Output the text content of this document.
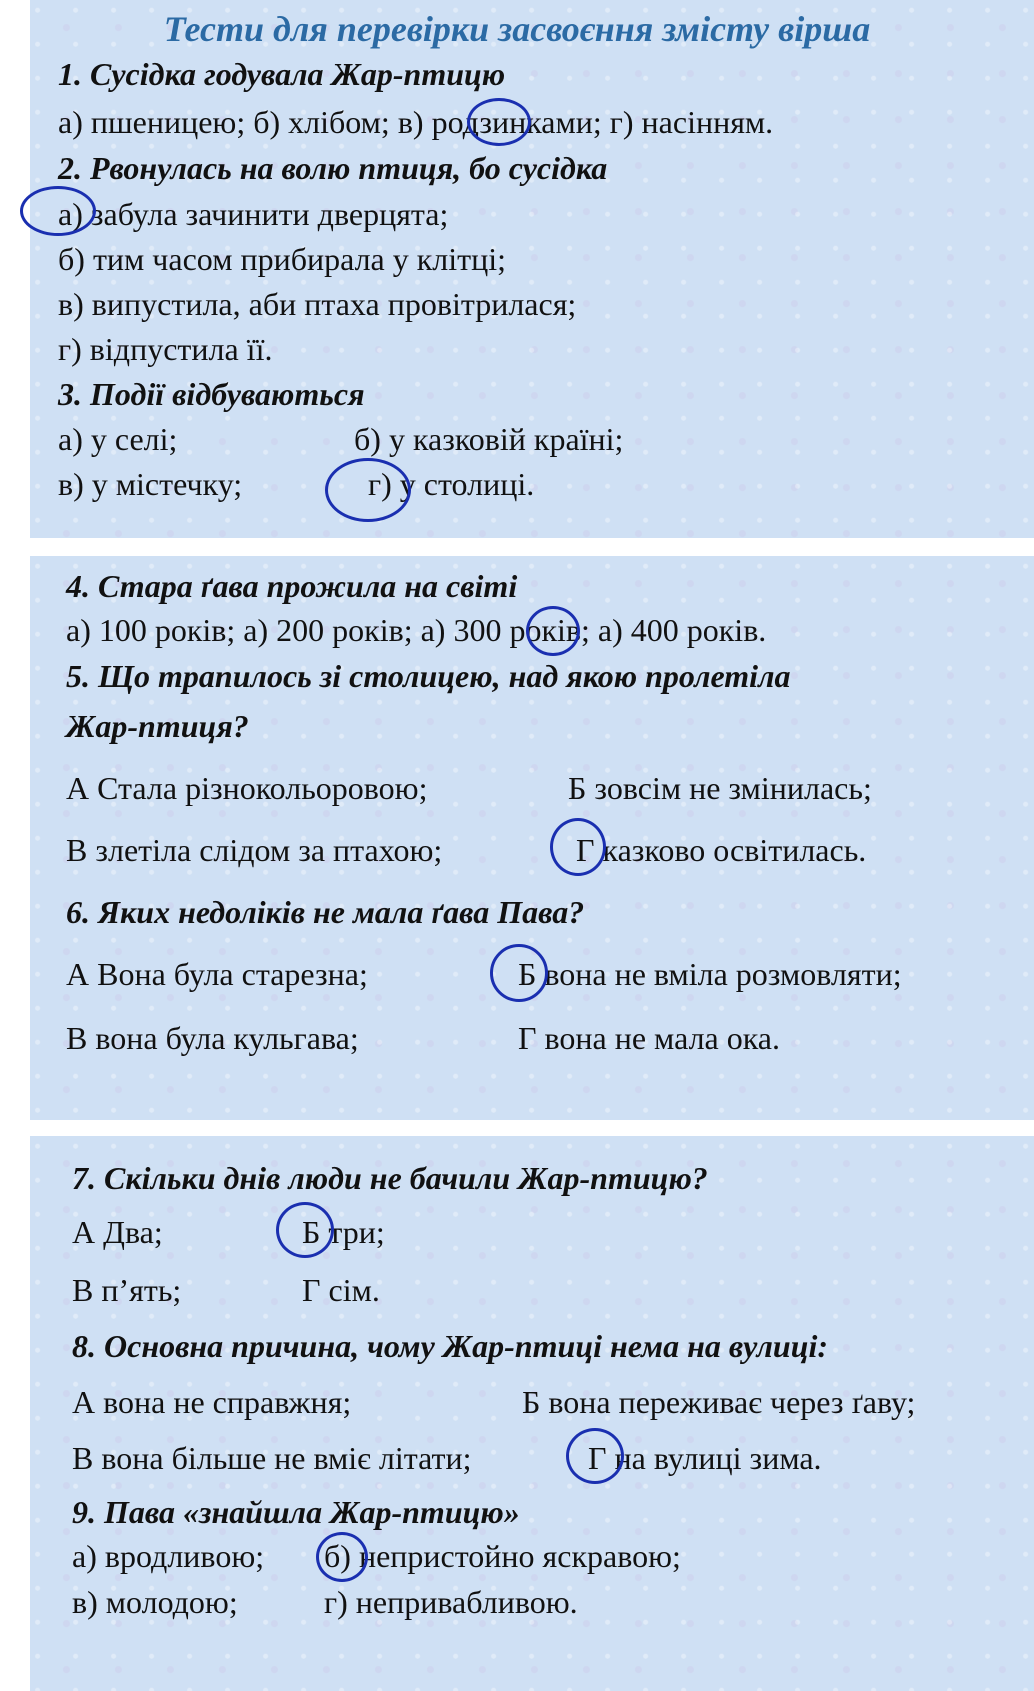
Тести для перевірки засвоєння змісту вірша
1. Сусідка годувала Жар-птицю
а) пшеницею; б) хлібом; в) родзинками; г) насінням.
2. Рвонулась на волю птиця, бо сусідка
а) забула зачинити дверцята;
б) тим часом прибирала у клітці;
в) випустила, аби птаха провітрилася;
г) відпустила її.
3. Події відбуваються
а) у селі;	б) у казковій країні;
в) у містечку;	г) у столиці.
4. Стара ґава прожила на світі
а) 100 років; а) 200 років; а) 300 років; а) 400 років.
5. Що трапилось зі столицею, над якою пролетіла
Жар-птиця?
А Стала різнокольоровою;	Б зовсім не змінилась;
В злетіла слідом за птахою;	Г казково освітилась.
6. Яких недоліків не мала ґава Пава?
А Вона була старезна;	Б вона не вміла розмовляти;
В вона була кульгава;	Г вона не мала ока.
7. Скільки днів люди не бачили Жар-птицю?
А Два;	Б три;
В п’ять;	Г сім.
8. Основна причина, чому Жар-птиці нема на вулиці:
А вона не справжня;	Б вона переживає через ґаву;
В вона більше не вміє літати;	Г на вулиці зима.
9. Пава «знайшла Жар-птицю»
а) вродливою; б) непристойно яскравою;
в) молодою;	г) непривабливою.
